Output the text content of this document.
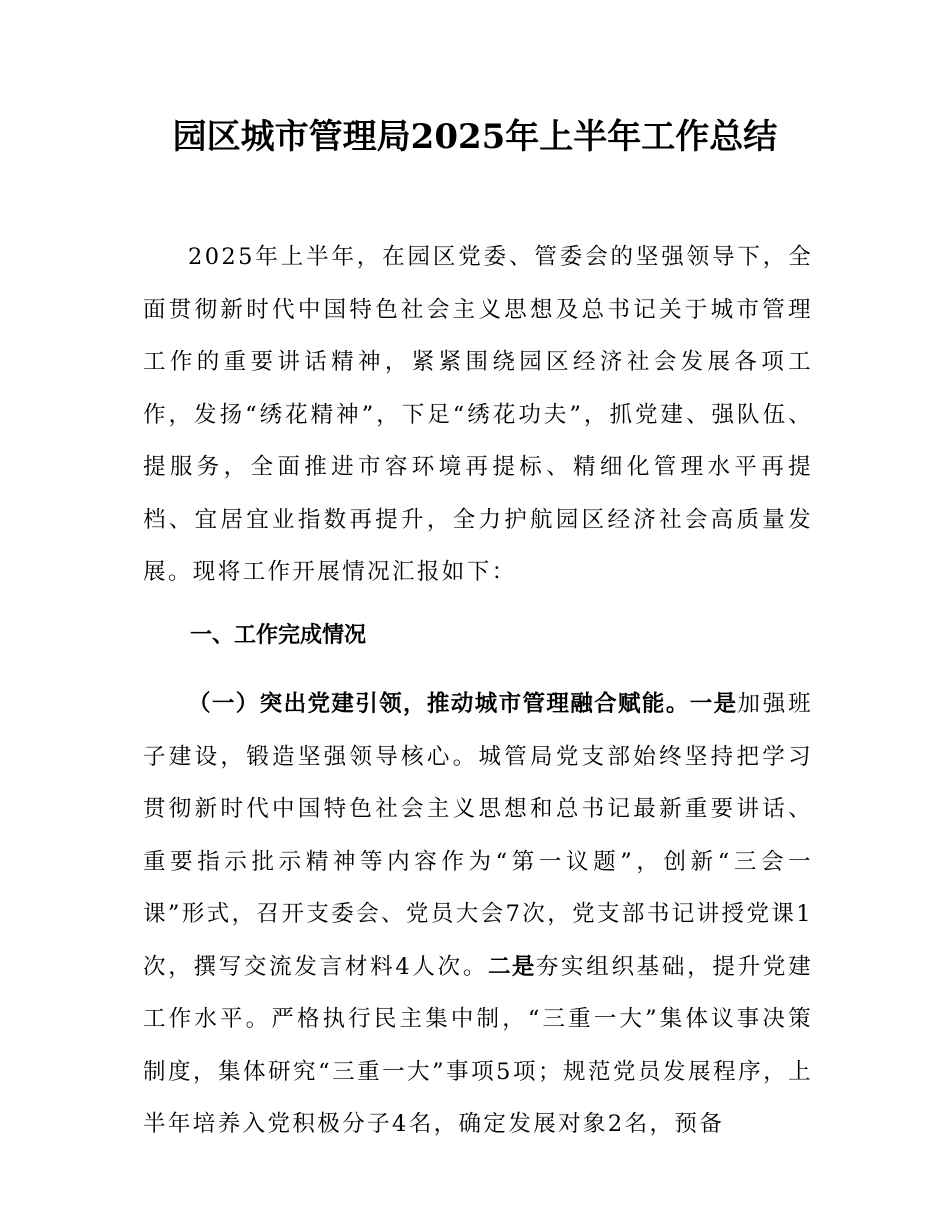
园区城市管理局2025年上半年工作总结

2025年上半年，在园区党委、管委会的坚强领导下，全面贯彻新时代中国特色社会主义思想及总书记关于城市管理工作的重要讲话精神，紧紧围绕园区经济社会发展各项工作，发扬“绣花精神”，下足“绣花功夫”，抓党建、强队伍、提服务，全面推进市容环境再提标、精细化管理水平再提档、宜居宜业指数再提升，全力护航园区经济社会高质量发展。现将工作开展情况汇报如下：

一、工作完成情况

（一）突出党建引领，推动城市管理融合赋能。一是加强班子建设，锻造坚强领导核心。城管局党支部始终坚持把学习贯彻新时代中国特色社会主义思想和总书记最新重要讲话、重要指示批示精神等内容作为“第一议题”，创新“三会一课”形式，召开支委会、党员大会7次，党支部书记讲授党课1次，撰写交流发言材料4人次。二是夯实组织基础，提升党建工作水平。严格执行民主集中制，“三重一大”集体议事决策制度，集体研究“三重一大”事项5项；规范党员发展程序，上半年培养入党积极分子4名，确定发展对象2名，预备
